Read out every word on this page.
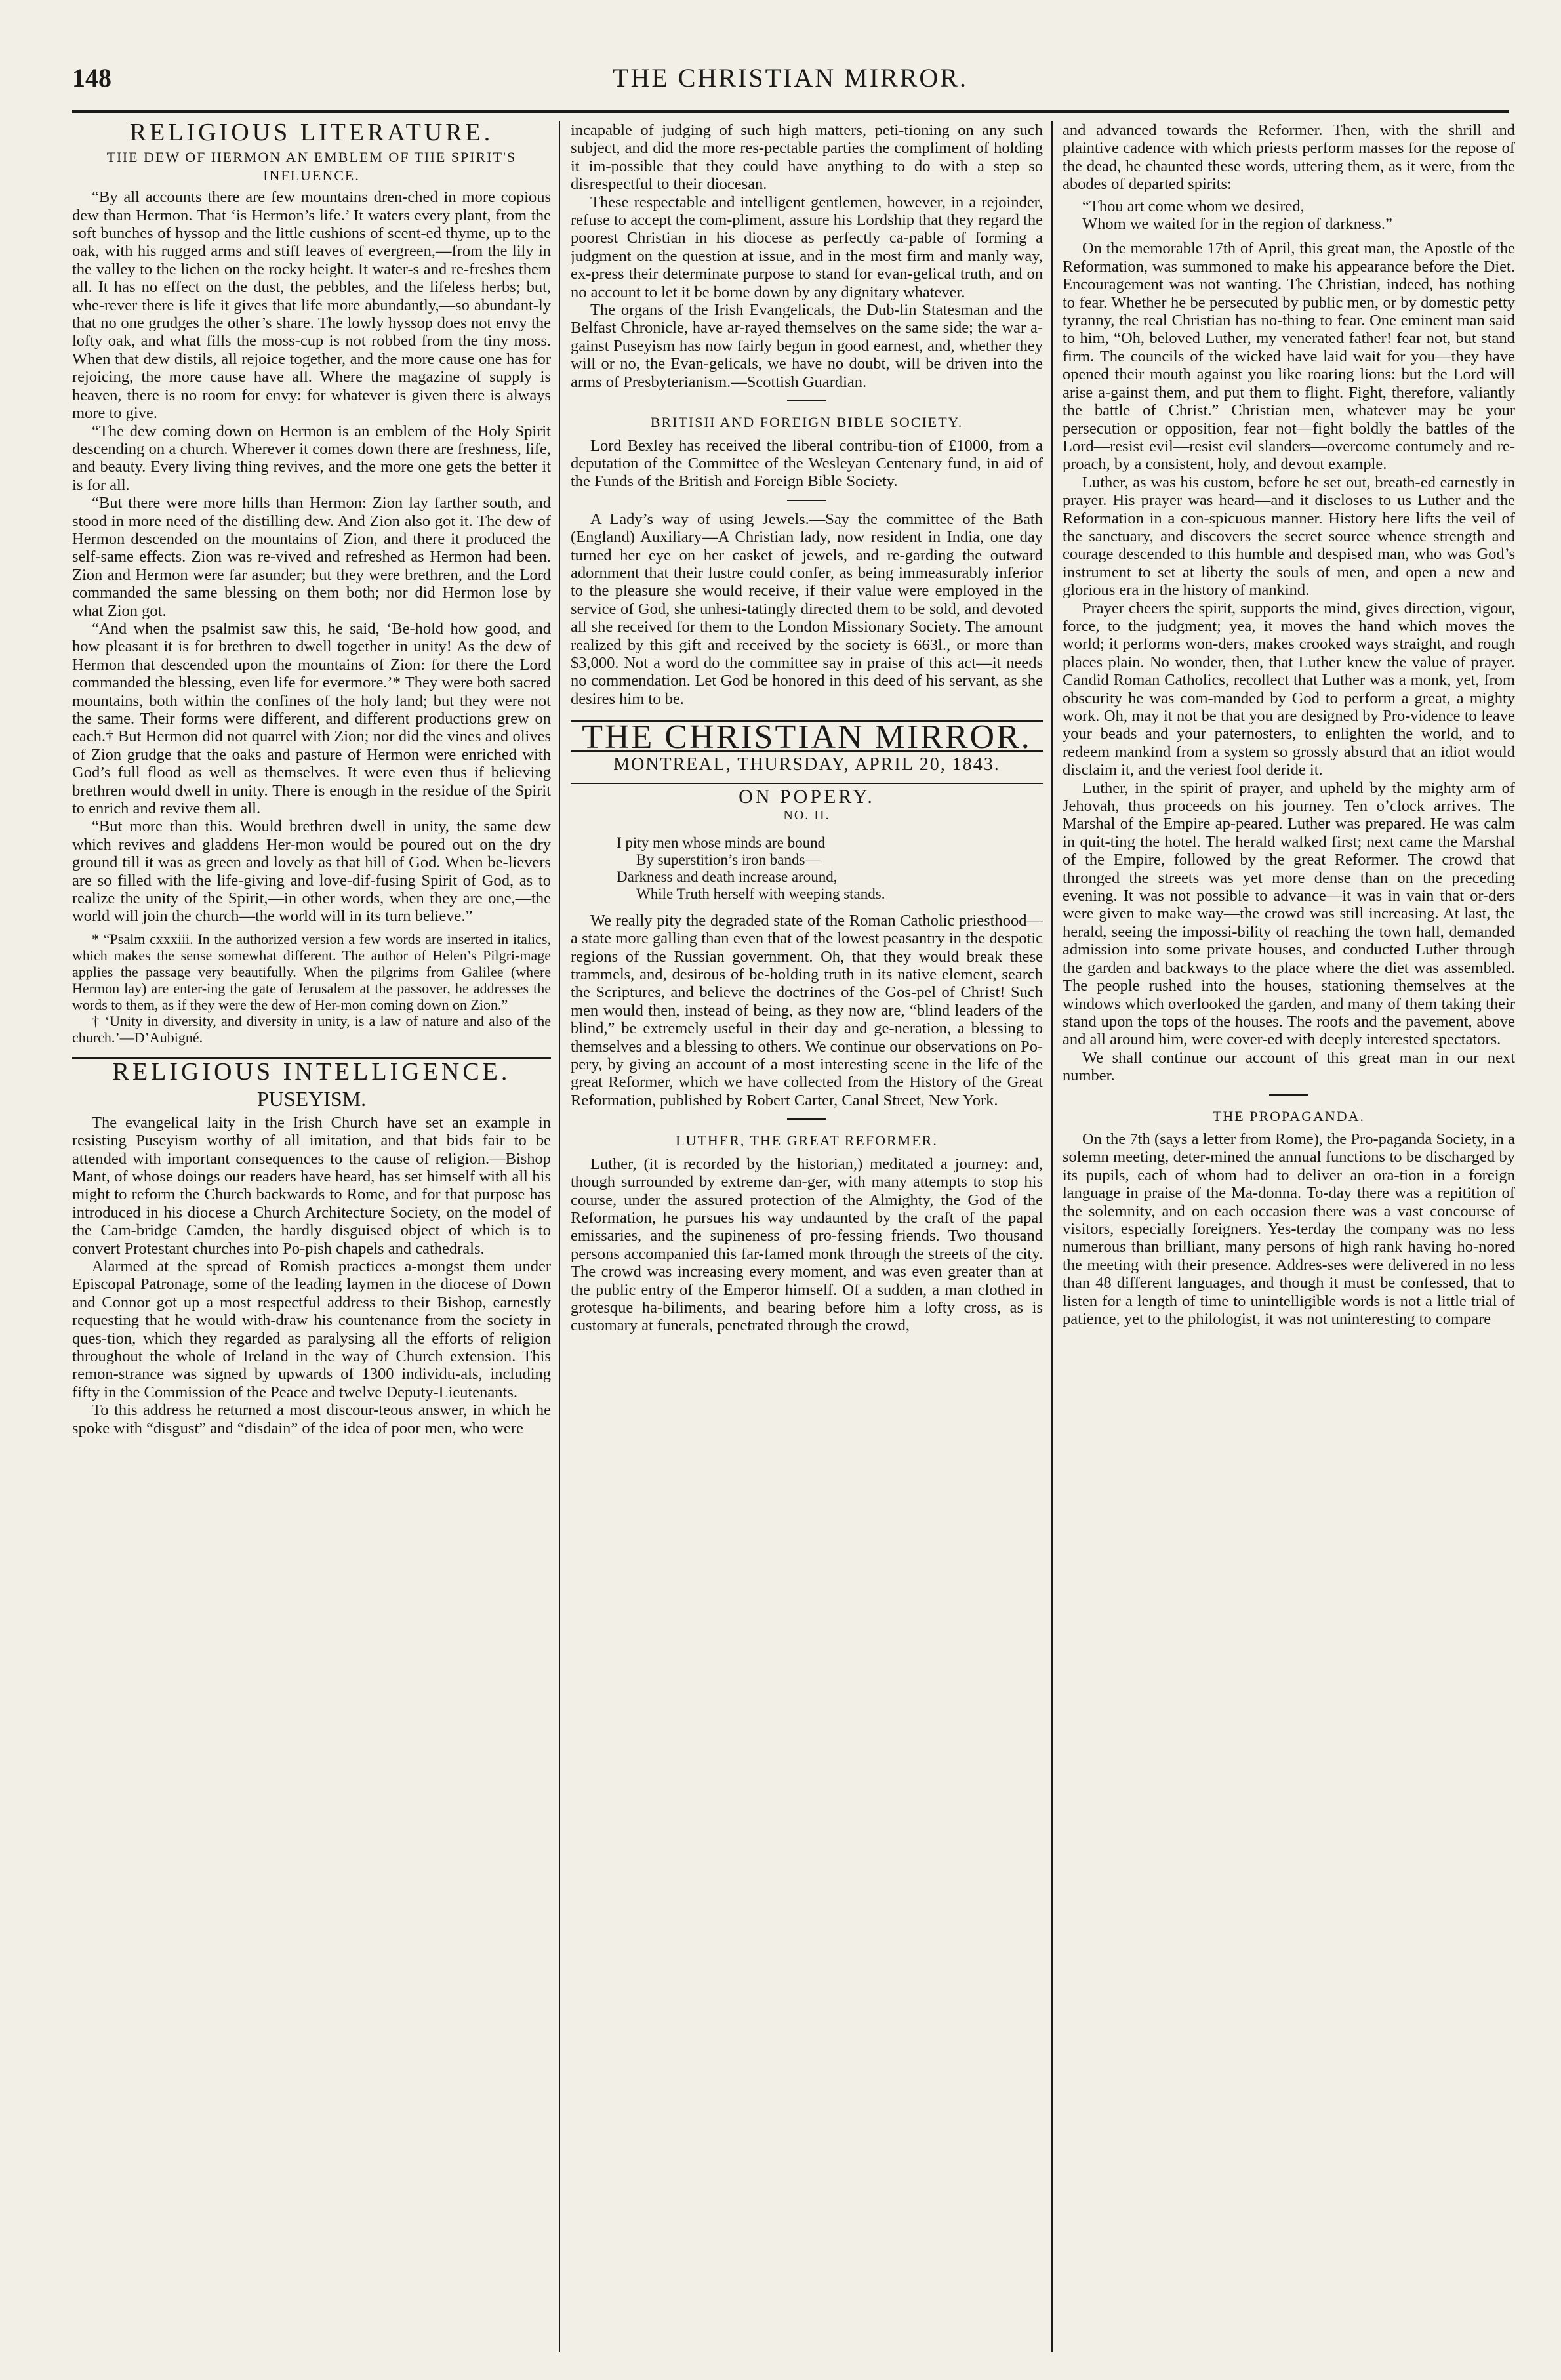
148	THE CHRISTIAN MIRROR.
RELIGIOUS LITERATURE.
THE DEW OF HERMON AN EMBLEM OF THE SPIRIT'S INFLUENCE.

“By all accounts there are few mountains dren-ched in more copious dew than Hermon. That ‘is Hermon’s life.’ It waters every plant, from the soft bunches of hyssop and the little cushions of scent-ed thyme, up to the oak, with his rugged arms and stiff leaves of evergreen,—from the lily in the valley to the lichen on the rocky height. It water-s and re-freshes them all. It has no effect on the dust, the pebbles, and the lifeless herbs; but, whe-rever there is life it gives that life more abundantly,—so abundant-ly that no one grudges the other’s share. The lowly hyssop does not envy the lofty oak, and what fills the moss-cup is not robbed from the tiny moss. When that dew distils, all rejoice together, and the more cause one has for rejoicing, the more cause have all. Where the magazine of supply is heaven, there is no room for envy: for whatever is given there is always more to give.

“The dew coming down on Hermon is an emblem of the Holy Spirit descending on a church. Wherever it comes down there are freshness, life, and beauty. Every living thing revives, and the more one gets the better it is for all.

“But there were more hills than Hermon: Zion lay farther south, and stood in more need of the distilling dew. And Zion also got it. The dew of Hermon descended on the mountains of Zion, and there it produced the self-same effects. Zion was re-vived and refreshed as Hermon had been. Zion and Hermon were far asunder; but they were brethren, and the Lord commanded the same blessing on them both; nor did Hermon lose by what Zion got.

“And when the psalmist saw this, he said, ‘Be-hold how good, and how pleasant it is for brethren to dwell together in unity! As the dew of Hermon that descended upon the mountains of Zion: for there the Lord commanded the blessing, even life for evermore.’* They were both sacred mountains, both within the confines of the holy land; but they were not the same. Their forms were different, and different productions grew on each.† But Hermon did not quarrel with Zion; nor did the vines and olives of Zion grudge that the oaks and pasture of Hermon were enriched with God’s full flood as well as themselves. It were even thus if believing brethren would dwell in unity. There is enough in the residue of the Spirit to enrich and revive them all.

“But more than this. Would brethren dwell in unity, the same dew which revives and gladdens Her-mon would be poured out on the dry ground till it was as green and lovely as that hill of God. When be-lievers are so filled with the life-giving and love-dif-fusing Spirit of God, as to realize the unity of the Spirit,—in other words, when they are one,—the world will join the church—the world will in its turn believe.”

* “Psalm cxxxiii. In the authorized version a few words are inserted in italics, which makes the sense somewhat different. The author of Helen’s Pilgri-mage applies the passage very beautifully. When the pilgrims from Galilee (where Hermon lay) are enter-ing the gate of Jerusalem at the passover, he addresses the words to them, as if they were the dew of Her-mon coming down on Zion.”

† ‘Unity in diversity, and diversity in unity, is a law of nature and also of the church.’—D’Aubigné.

RELIGIOUS INTELLIGENCE.
PUSEYISM.

The evangelical laity in the Irish Church have set an example in resisting Puseyism worthy of all imitation, and that bids fair to be attended with important consequences to the cause of religion.—Bishop Mant, of whose doings our readers have heard, has set himself with all his might to reform the Church backwards to Rome, and for that purpose has introduced in his diocese a Church Architecture Society, on the model of the Cam-bridge Camden, the hardly disguised object of which is to convert Protestant churches into Po-pish chapels and cathedrals.

Alarmed at the spread of Romish practices a-mongst them under Episcopal Patronage, some of the leading laymen in the diocese of Down and Connor got up a most respectful address to their Bishop, earnestly requesting that he would with-draw his countenance from the society in ques-tion, which they regarded as paralysing all the efforts of religion throughout the whole of Ireland in the way of Church extension. This remon-strance was signed by upwards of 1300 individu-als, including fifty in the Commission of the Peace and twelve Deputy-Lieutenants.

To this address he returned a most discour-teous answer, in which he spoke with “disgust” and “disdain” of the idea of poor men, who were

incapable of judging of such high matters, peti-tioning on any such subject, and did the more res-pectable parties the compliment of holding it im-possible that they could have anything to do with a step so disrespectful to their diocesan.

These respectable and intelligent gentlemen, however, in a rejoinder, refuse to accept the com-pliment, assure his Lordship that they regard the poorest Christian in his diocese as perfectly ca-pable of forming a judgment on the question at issue, and in the most firm and manly way, ex-press their determinate purpose to stand for evan-gelical truth, and on no account to let it be borne down by any dignitary whatever.

The organs of the Irish Evangelicals, the Dub-lin Statesman and the Belfast Chronicle, have ar-rayed themselves on the same side; the war a-gainst Puseyism has now fairly begun in good earnest, and, whether they will or no, the Evan-gelicals, we have no doubt, will be driven into the arms of Presbyterianism.—Scottish Guardian.

BRITISH AND FOREIGN BIBLE SOCIETY.

Lord Bexley has received the liberal contribu-tion of £1000, from a deputation of the Committee of the Wesleyan Centenary fund, in aid of the Funds of the British and Foreign Bible Society.

A Lady’s way of using Jewels.—Say the committee of the Bath (England) Auxiliary—A Christian lady, now resident in India, one day turned her eye on her casket of jewels, and re-garding the outward adornment that their lustre could confer, as being immeasurably inferior to the pleasure she would receive, if their value were employed in the service of God, she unhesi-tatingly directed them to be sold, and devoted all she received for them to the London Missionary Society. The amount realized by this gift and received by the society is 663l., or more than $3,000. Not a word do the committee say in praise of this act—it needs no commendation. Let God be honored in this deed of his servant, as she desires him to be.

THE CHRISTIAN MIRROR.
MONTREAL, THURSDAY, APRIL 20, 1843.
ON POPERY.
NO. II.
I pity men whose minds are bound
By superstition’s iron bands—
Darkness and death increase around,
While Truth herself with weeping stands.

We really pity the degraded state of the Roman Catholic priesthood—a state more galling than even that of the lowest peasantry in the despotic regions of the Russian government. Oh, that they would break these trammels, and, desirous of be-holding truth in its native element, search the Scriptures, and believe the doctrines of the Gos-pel of Christ! Such men would then, instead of being, as they now are, “blind leaders of the blind,” be extremely useful in their day and ge-neration, a blessing to themselves and a blessing to others. We continue our observations on Po-pery, by giving an account of a most interesting scene in the life of the great Reformer, which we have collected from the History of the Great Reformation, published by Robert Carter, Canal Street, New York.

LUTHER, THE GREAT REFORMER.

Luther, (it is recorded by the historian,) meditated a journey: and, though surrounded by extreme dan-ger, with many attempts to stop his course, under the assured protection of the Almighty, the God of the Reformation, he pursues his way undaunted by the craft of the papal emissaries, and the supineness of pro-fessing friends. Two thousand persons accompanied this far-famed monk through the streets of the city. The crowd was increasing every moment, and was even greater than at the public entry of the Emperor himself. Of a sudden, a man clothed in grotesque ha-biliments, and bearing before him a lofty cross, as is customary at funerals, penetrated through the crowd,

and advanced towards the Reformer. Then, with the shrill and plaintive cadence with which priests perform masses for the repose of the dead, he chaunted these words, uttering them, as it were, from the abodes of departed spirits:

“Thou art come whom we desired,
Whom we waited for in the region of darkness.”

On the memorable 17th of April, this great man, the Apostle of the Reformation, was summoned to make his appearance before the Diet. Encouragement was not wanting. The Christian, indeed, has nothing to fear. Whether he be persecuted by public men, or by domestic petty tyranny, the real Christian has no-thing to fear. One eminent man said to him, “Oh, beloved Luther, my venerated father! fear not, but stand firm. The councils of the wicked have laid wait for you—they have opened their mouth against you like roaring lions: but the Lord will arise a-gainst them, and put them to flight. Fight, therefore, valiantly the battle of Christ.” Christian men, whatever may be your persecution or opposition, fear not—fight boldly the battles of the Lord—resist evil—resist evil slanders—overcome contumely and re-proach, by a consistent, holy, and devout example.

Luther, as was his custom, before he set out, breath-ed earnestly in prayer. His prayer was heard—and it discloses to us Luther and the Reformation in a con-spicuous manner. History here lifts the veil of the sanctuary, and discovers the secret source whence strength and courage descended to this humble and despised man, who was God’s instrument to set at liberty the souls of men, and open a new and glorious era in the history of mankind.

Prayer cheers the spirit, supports the mind, gives direction, vigour, force, to the judgment; yea, it moves the hand which moves the world; it performs won-ders, makes crooked ways straight, and rough places plain. No wonder, then, that Luther knew the value of prayer. Candid Roman Catholics, recollect that Luther was a monk, yet, from obscurity he was com-manded by God to perform a great, a mighty work. Oh, may it not be that you are designed by Pro-vidence to leave your beads and your paternosters, to enlighten the world, and to redeem mankind from a system so grossly absurd that an idiot would disclaim it, and the veriest fool deride it.

Luther, in the spirit of prayer, and upheld by the mighty arm of Jehovah, thus proceeds on his journey. Ten o’clock arrives. The Marshal of the Empire ap-peared. Luther was prepared. He was calm in quit-ting the hotel. The herald walked first; next came the Marshal of the Empire, followed by the great Reformer. The crowd that thronged the streets was yet more dense than on the preceding evening. It was not possible to advance—it was in vain that or-ders were given to make way—the crowd was still increasing. At last, the herald, seeing the impossi-bility of reaching the town hall, demanded admission into some private houses, and conducted Luther through the garden and backways to the place where the diet was assembled. The people rushed into the houses, stationing themselves at the windows which overlooked the garden, and many of them taking their stand upon the tops of the houses. The roofs and the pavement, above and all around him, were cover-ed with deeply interested spectators.

We shall continue our account of this great man in our next number.

THE PROPAGANDA.

On the 7th (says a letter from Rome), the Pro-paganda Society, in a solemn meeting, deter-mined the annual functions to be discharged by its pupils, each of whom had to deliver an ora-tion in a foreign language in praise of the Ma-donna. To-day there was a repitition of the solemnity, and on each occasion there was a vast concourse of visitors, especially foreigners. Yes-terday the company was no less numerous than brilliant, many persons of high rank having ho-nored the meeting with their presence. Addres-ses were delivered in no less than 48 different languages, and though it must be confessed, that to listen for a length of time to unintelligible words is not a little trial of patience, yet to the philologist, it was not uninteresting to compare
